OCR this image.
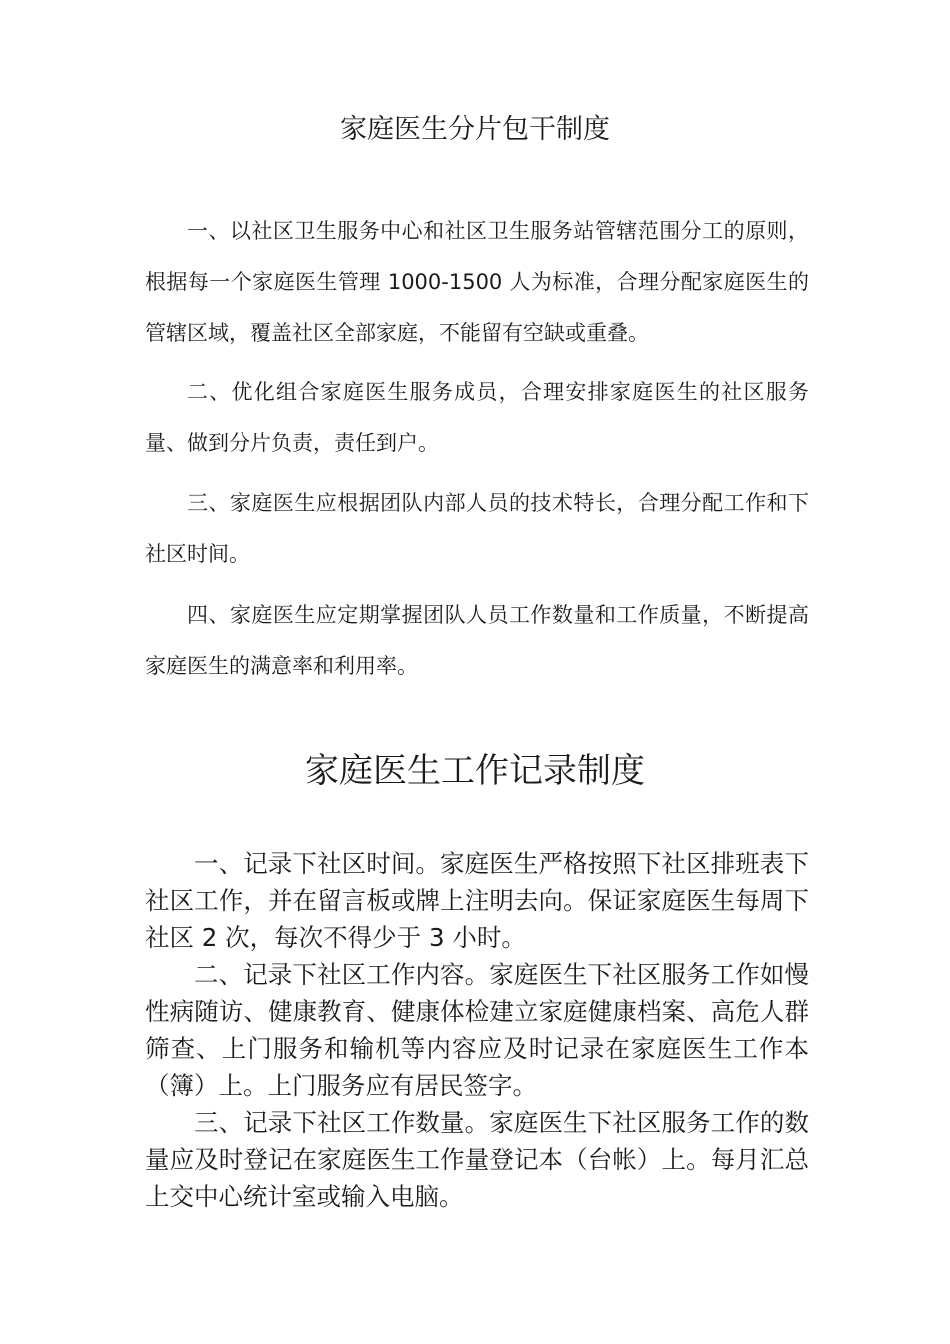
家庭医生分片包干制度

一、以社区卫生服务中心和社区卫生服务站管辖范围分工的原则，根据每一个家庭医生管理 1000-1500 人为标准，合理分配家庭医生的管辖区域，覆盖社区全部家庭，不能留有空缺或重叠。

二、优化组合家庭医生服务成员，合理安排家庭医生的社区服务量、做到分片负责，责任到户。

三、家庭医生应根据团队内部人员的技术特长，合理分配工作和下社区时间。

四、家庭医生应定期掌握团队人员工作数量和工作质量，不断提高家庭医生的满意率和利用率。

家庭医生工作记录制度

一、记录下社区时间。家庭医生严格按照下社区排班表下社区工作，并在留言板或牌上注明去向。保证家庭医生每周下社区 2 次，每次不得少于 3 小时。

二、记录下社区工作内容。家庭医生下社区服务工作如慢性病随访、健康教育、健康体检建立家庭健康档案、高危人群筛查、上门服务和输机等内容应及时记录在家庭医生工作本（簿）上。上门服务应有居民签字。

三、记录下社区工作数量。家庭医生下社区服务工作的数量应及时登记在家庭医生工作量登记本（台帐）上。每月汇总上交中心统计室或输入电脑。
